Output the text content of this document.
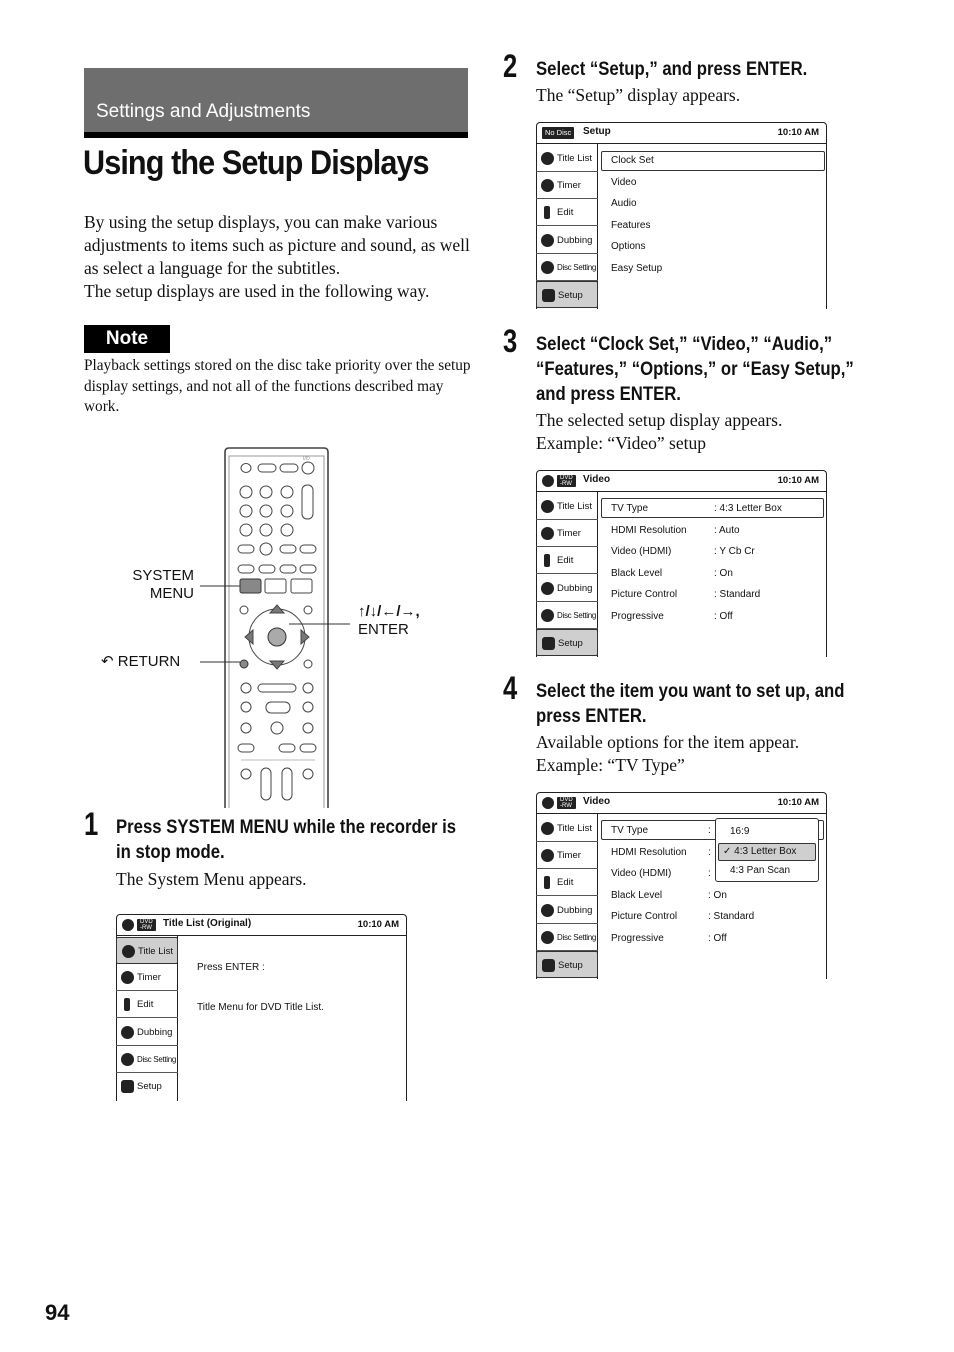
Settings and Adjustments
Using the Setup Displays

By using the setup displays, you can make various adjustments to items such as picture and sound, as well as select a language for the subtitles.

The setup displays are used in the following way.

Note
Playback settings stored on the disc take priority over the setup display settings, and not all of the functions described may work.
I/⏻
SYSTEM
MENU
↶ RETURN
↑/↓/←/→,
ENTER
1 Press SYSTEM MENU while the recorder is in stop mode.
The System Menu appears.
DVD
-RW	Title List (Original)	10:10 AM
Title List
Timer
Edit
Dubbing
Disc Setting
Setup
Press ENTER :
Title Menu for DVD Title List.
2 Select “Setup,” and press ENTER.
The “Setup” display appears.
No Disc	Setup	10:10 AM
Title List
Timer
Edit
Dubbing
Disc Setting
Setup
Clock Set
Video
Audio
Features
Options
Easy Setup
3 Select “Clock Set,” “Video,” “Audio,” “Features,” “Options,” or “Easy Setup,” and press ENTER.
The selected setup display appears.
Example: “Video” setup
DVD
-RW	Video	10:10 AM
Title List
Timer
Edit
Dubbing
Disc Setting
Setup
TV Type	: 4:3 Letter Box
HDMI Resolution	: Auto
Video (HDMI)	: Y Cb Cr
Black Level	: On
Picture Control	: Standard
Progressive	: Off
4 Select the item you want to set up, and press ENTER.
Available options for the item appear.
Example: “TV Type”
DVD
-RW	Video	10:10 AM
Title List
Timer
Edit
Dubbing
Disc Setting
Setup
TV Type	:
HDMI Resolution :
Video (HDMI)	:
Black Level	: On
Picture Control	: Standard
Progressive	: Off
16:9
✓ 4:3 Letter Box
4:3 Pan Scan
94
